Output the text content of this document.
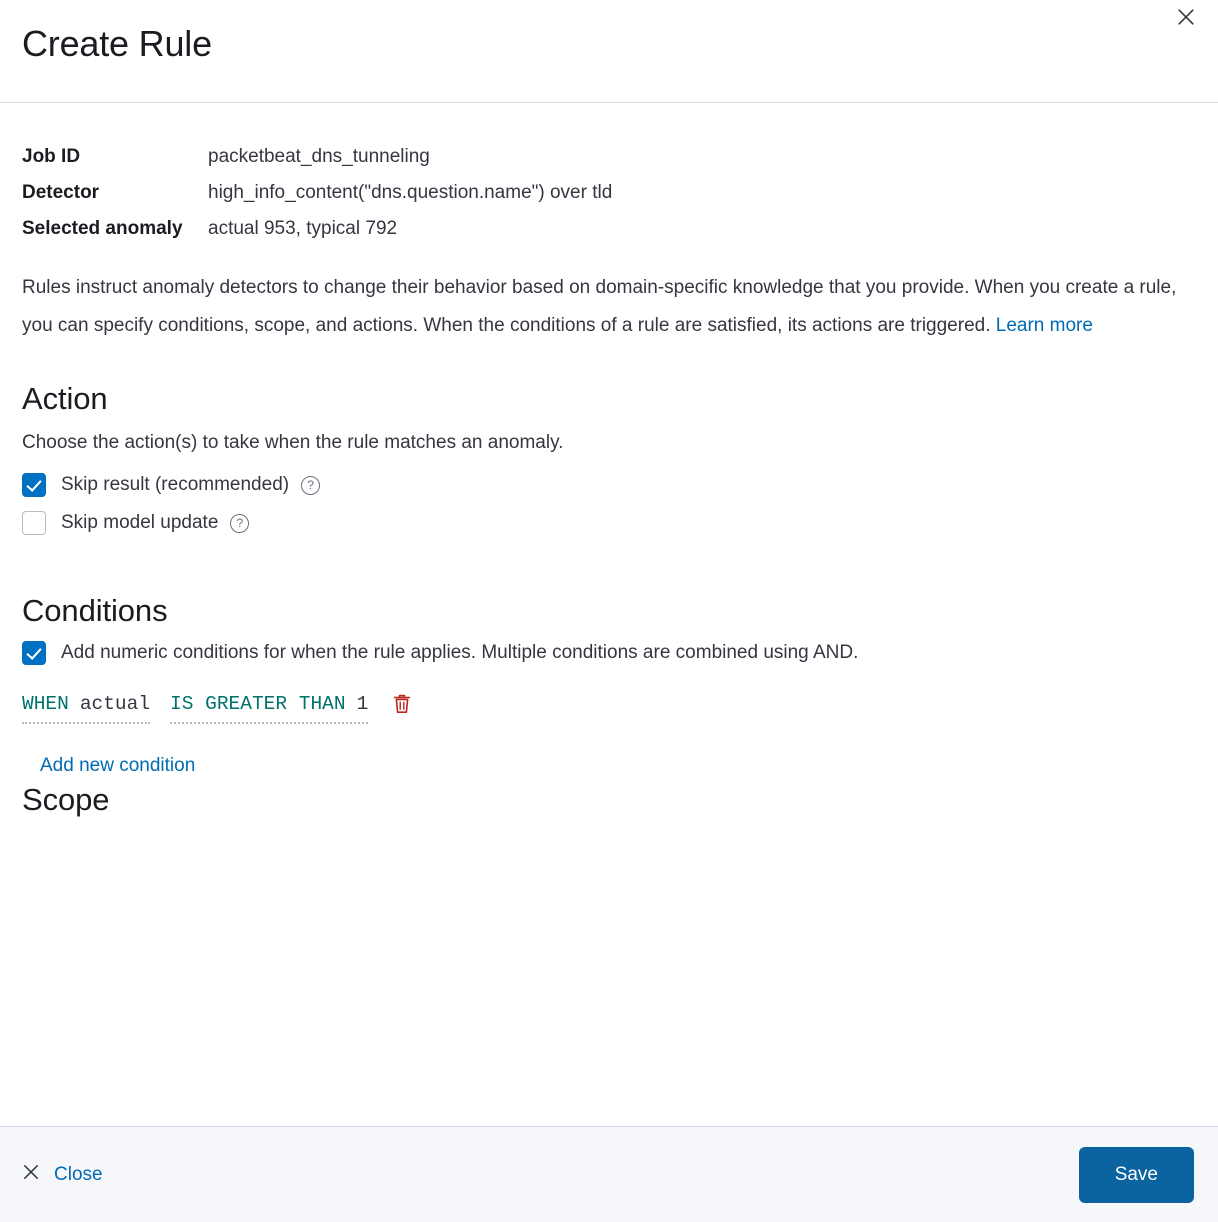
Create Rule
Job ID	packetbeat_dns_tunneling
Detector	high_info_content("dns.question.name") over tld
Selected anomaly	actual 953, typical 792

Rules instruct anomaly detectors to change their behavior based on domain-specific knowledge that you provide. When you create a rule, you can specify conditions, scope, and actions. When the conditions of a rule are satisfied, its actions are triggered. Learn more

Action

Choose the action(s) to take when the rule matches an anomaly.

Skip result (recommended)	?
Skip model update	?
Conditions
Add numeric conditions for when the rule applies. Multiple conditions are combined using AND.
WHEN actual IS GREATER THAN 1
Add new condition
Scope
Close	Save
